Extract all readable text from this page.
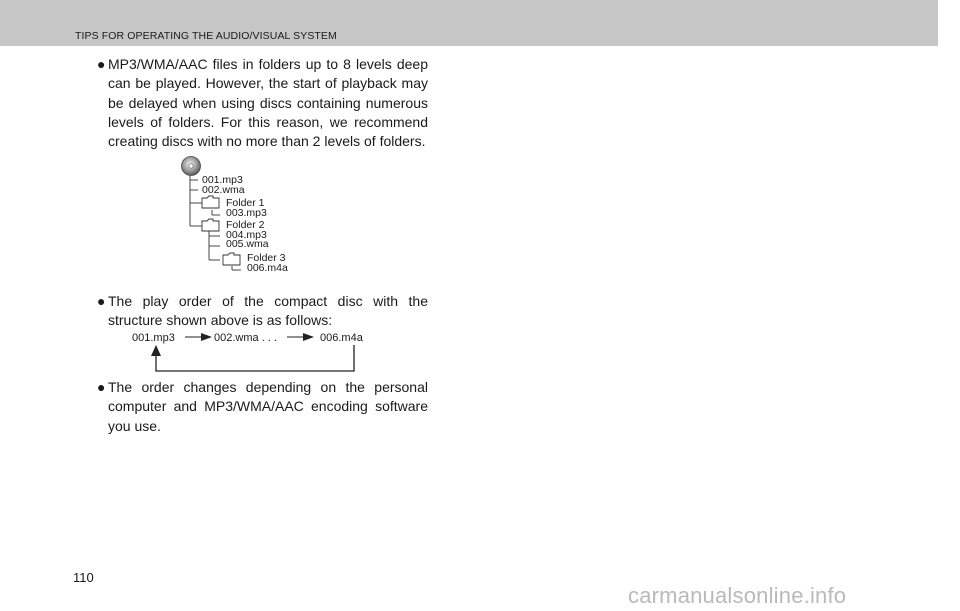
TIPS FOR OPERATING THE AUDIO/VISUAL SYSTEM
● MP3/WMA/AAC files in folders up to 8 levels deep can be played. However, the start of playback may be delayed when using discs containing numerous levels of folders. For this reason, we recommend creating discs with no more than 2 levels of folders.
001.mp3
002.wma
Folder 1
003.mp3
Folder 2
004.mp3
005.wma
Folder 3
006.m4a
● The play order of the compact disc with the structure shown above is as follows:
001.mp3	002.wma . . .	006.m4a
● The order changes depending on the personal computer and MP3/WMA/AAC encoding software you use.
110
carmanualsonline.info
